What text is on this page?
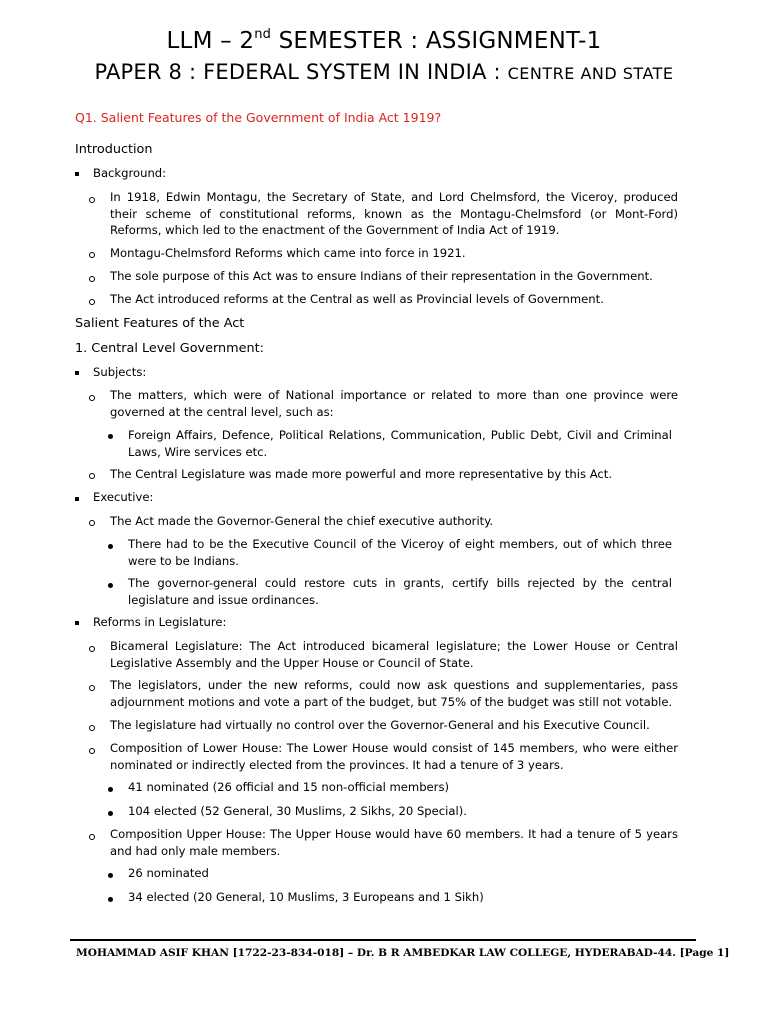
LLM – 2nd SEMESTER : ASSIGNMENT-1
PAPER 8 : FEDERAL SYSTEM IN INDIA : CENTRE AND STATE
Q1. Salient Features of the Government of India Act 1919?
Introduction
Background:
In 1918, Edwin Montagu, the Secretary of State, and Lord Chelmsford, the Viceroy, produced their scheme of constitutional reforms, known as the Montagu-Chelmsford (or Mont-Ford) Reforms, which led to the enactment of the Government of India Act of 1919.
Montagu-Chelmsford Reforms which came into force in 1921.
The sole purpose of this Act was to ensure Indians of their representation in the Government.
The Act introduced reforms at the Central as well as Provincial levels of Government.
Salient Features of the Act
1. Central Level Government:
Subjects:
The matters, which were of National importance or related to more than one province were governed at the central level, such as:
Foreign Affairs, Defence, Political Relations, Communication, Public Debt, Civil and Criminal Laws, Wire services etc.
The Central Legislature was made more powerful and more representative by this Act.
Executive:
The Act made the Governor-General the chief executive authority.
There had to be the Executive Council of the Viceroy of eight members, out of which three were to be Indians.
The governor-general could restore cuts in grants, certify bills rejected by the central legislature and issue ordinances.
Reforms in Legislature:
Bicameral Legislature: The Act introduced bicameral legislature; the Lower House or Central Legislative Assembly and the Upper House or Council of State.
The legislators, under the new reforms, could now ask questions and supplementaries, pass adjournment motions and vote a part of the budget, but 75% of the budget was still not votable.
The legislature had virtually no control over the Governor-General and his Executive Council.
Composition of Lower House: The Lower House would consist of 145 members, who were either nominated or indirectly elected from the provinces. It had a tenure of 3 years.
41 nominated (26 official and 15 non-official members)
104 elected (52 General, 30 Muslims, 2 Sikhs, 20 Special).
Composition Upper House: The Upper House would have 60 members. It had a tenure of 5 years and had only male members.
26 nominated
34 elected (20 General, 10 Muslims, 3 Europeans and 1 Sikh)
MOHAMMAD ASIF KHAN [1722-23-834-018] – Dr. B R AMBEDKAR LAW COLLEGE, HYDERABAD-44. [Page 1]
